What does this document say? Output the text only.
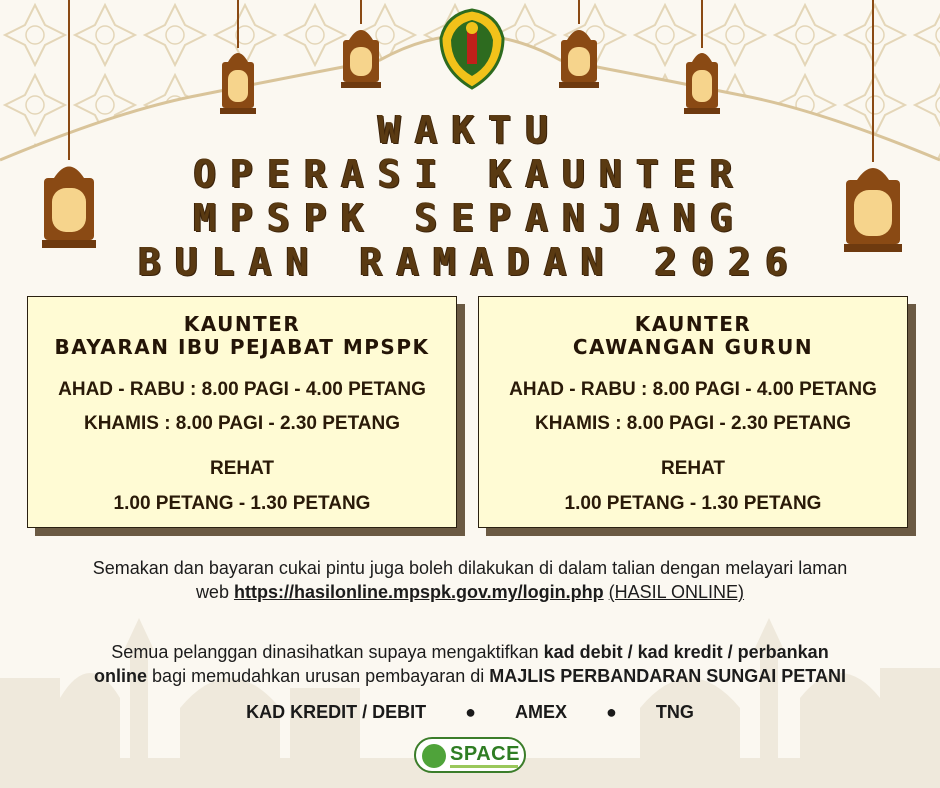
WAKTU
OPERASI KAUNTER
MPSPK SEPANJANG
BULAN RAMADAN 2026
KAUNTER
BAYARAN IBU PEJABAT MPSPK
AHAD - RABU : 8.00 PAGI - 4.00 PETANG
KHAMIS : 8.00 PAGI - 2.30 PETANG
REHAT
1.00 PETANG - 1.30 PETANG
KAUNTER
CAWANGAN GURUN
AHAD - RABU : 8.00 PAGI - 4.00 PETANG
KHAMIS : 8.00 PAGI - 2.30 PETANG
REHAT
1.00 PETANG - 1.30 PETANG
Semakan dan bayaran cukai pintu juga boleh dilakukan di dalam talian dengan melayari laman
web https://hasilonline.mpspk.gov.my/login.php (HASIL ONLINE)
Semua pelanggan dinasihatkan supaya mengaktifkan kad debit / kad kredit / perbankan
online bagi memudahkan urusan pembayaran di MAJLIS PERBANDARAN SUNGAI PETANI
KAD KREDIT / DEBIT ● AMEX ● TNG
SPACE
